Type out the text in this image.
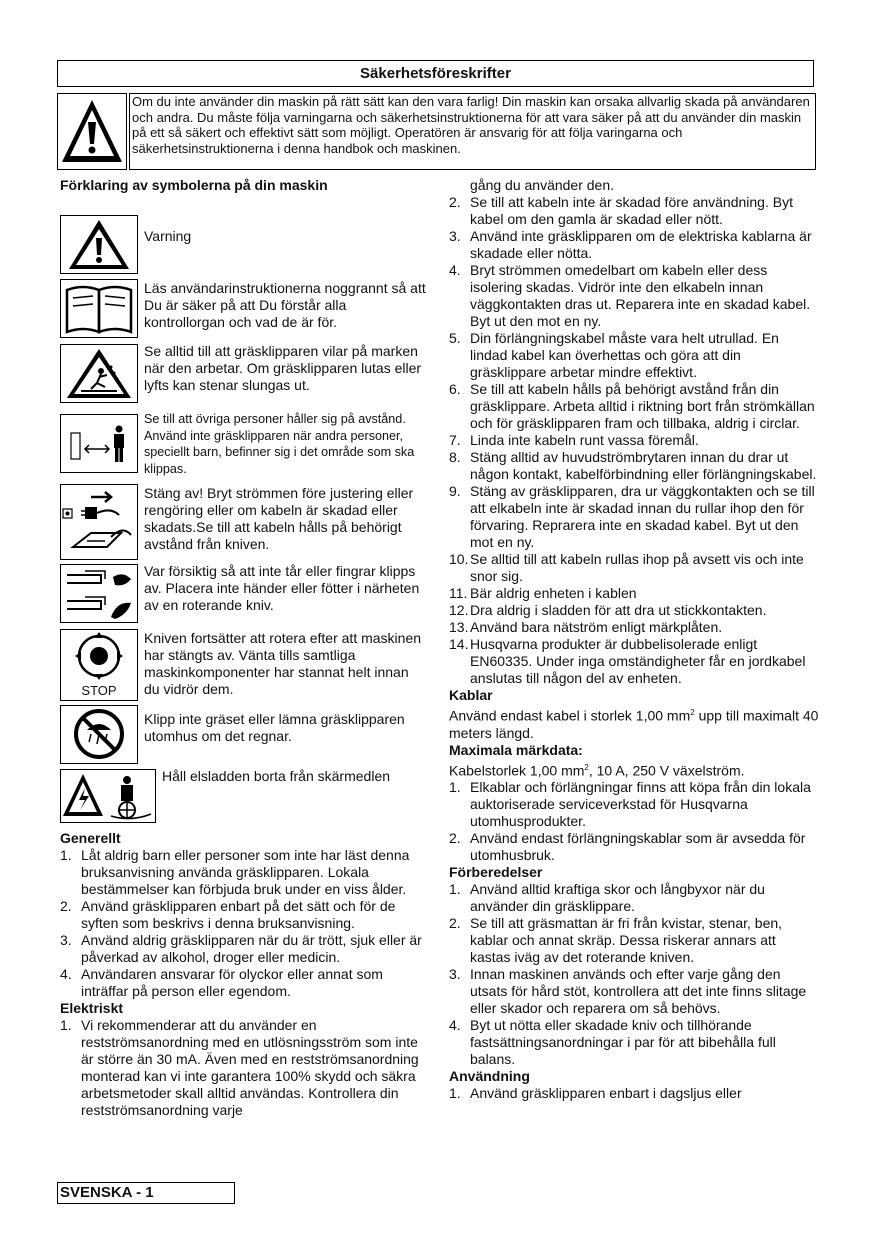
Säkerhetsföreskrifter
Om du inte använder din maskin på rätt sätt kan den vara farlig! Din maskin kan orsaka allvarlig skada på användaren och andra. Du måste följa varningarna och säkerhetsinstruktionerna för att vara säker på att du använder din maskin på ett så säkert och effektivt sätt som möjligt. Operatören är ansvarig för att följa varingarna och säkerhetsinstruktionerna i denna handbok och maskinen.

Förklaring av symbolerna på din maskin

Varning
Läs användarinstruktionerna noggrannt så att Du är säker på att Du förstår alla kontrollorgan och vad de är för.
Se alltid till att gräsklipparen vilar på marken när den arbetar. Om gräsklipparen lutas eller lyfts kan stenar slungas ut.
Se till att övriga personer håller sig på avstånd. Använd inte gräsklipparen när andra personer, speciellt barn, befinner sig i det område som ska klippas.
Stäng av! Bryt strömmen före justering eller rengöring eller om kabeln är skadad eller skadats.Se till att kabeln hålls på behörigt avstånd från kniven.
Var försiktig så att inte tår eller fingrar klipps av. Placera inte händer eller fötter i närheten av en roterande kniv.
STOP
Kniven fortsätter att rotera efter att maskinen har stängts av. Vänta tills samtliga maskinkomponenter har stannat helt innan du vidrör dem.
Klipp inte gräset eller lämna gräsklipparen utomhus om det regnar.
Håll elsladden borta från skärmedlen

Generellt

1. Låt aldrig barn eller personer som inte har läst denna bruksanvisning använda gräsklipparen. Lokala bestämmelser kan förbjuda bruk under en viss ålder.
2. Använd gräsklipparen enbart på det sätt och för de syften som beskrivs i denna bruksanvisning.
3. Använd aldrig gräsklipparen när du är trött, sjuk eller är påverkad av alkohol, droger eller medicin.
4. Användaren ansvarar för olyckor eller annat som inträffar på person eller egendom.

Elektriskt

1. Vi rekommenderar att du använder en restströmsanordning med en utlösningsström som inte är större än 30 mA. Även med en restströmsanordning monterad kan vi inte garantera 100% skydd och säkra arbetsmetoder skall alltid användas. Kontrollera din restströmsanordning varje
gång du använder den.
2. Se till att kabeln inte är skadad före användning. Byt kabel om den gamla är skadad eller nött.
3. Använd inte gräsklipparen om de elektriska kablarna är skadade eller nötta.
4. Bryt strömmen omedelbart om kabeln eller dess isolering skadas. Vidrör inte den elkabeln innan väggkontakten dras ut. Reparera inte en skadad kabel. Byt ut den mot en ny.
5. Din förlängningskabel måste vara helt utrullad. En lindad kabel kan överhettas och göra att din gräsklippare arbetar mindre effektivt.
6. Se till att kabeln hålls på behörigt avstånd från din gräsklippare. Arbeta alltid i riktning bort från strömkällan och för gräsklipparen fram och tillbaka, aldrig i circlar.
7. Linda inte kabeln runt vassa föremål.
8. Stäng alltid av huvudströmbrytaren innan du drar ut någon kontakt, kabelförbindning eller förlängningskabel.
9. Stäng av gräsklipparen, dra ur väggkontakten och se till att elkabeln inte är skadad innan du rullar ihop den för förvaring. Reprarera inte en skadad kabel. Byt ut den mot en ny.
10. Se alltid till att kabeln rullas ihop på avsett vis och inte snor sig.
11. Bär aldrig enheten i kablen
12. Dra aldrig i sladden för att dra ut stickkontakten.
13. Använd bara nätström enligt märkplåten.
14. Husqvarna produkter är dubbelisolerade enligt EN60335. Under inga omständigheter får en jordkabel anslutas till någon del av enheten.

Kablar

Använd endast kabel i storlek 1,00 $mm^2$ upp till maximalt 40 meters längd.

Maximala märkdata:

Kabelstorlek 1,00 $mm^2$, 10 A, 250 V växelström.

1. Elkablar och förlängningar finns att köpa från din lokala auktoriserade serviceverkstad för Husqvarna utomhusprodukter.
2. Använd endast förlängningskablar som är avsedda för utomhusbruk.

Förberedelser

1. Använd alltid kraftiga skor och långbyxor när du använder din gräsklippare.
2. Se till att gräsmattan är fri från kvistar, stenar, ben, kablar och annat skräp. Dessa riskerar annars att kastas iväg av det roterande kniven.
3. Innan maskinen används och efter varje gång den utsats för hård stöt, kontrollera att det inte finns slitage eller skador och reparera om så behövs.
4. Byt ut nötta eller skadade kniv och tillhörande fastsättningsanordningar i par för att bibehålla full balans.

Användning

1. Använd gräsklipparen enbart i dagsljus eller
SVENSKA - 1
